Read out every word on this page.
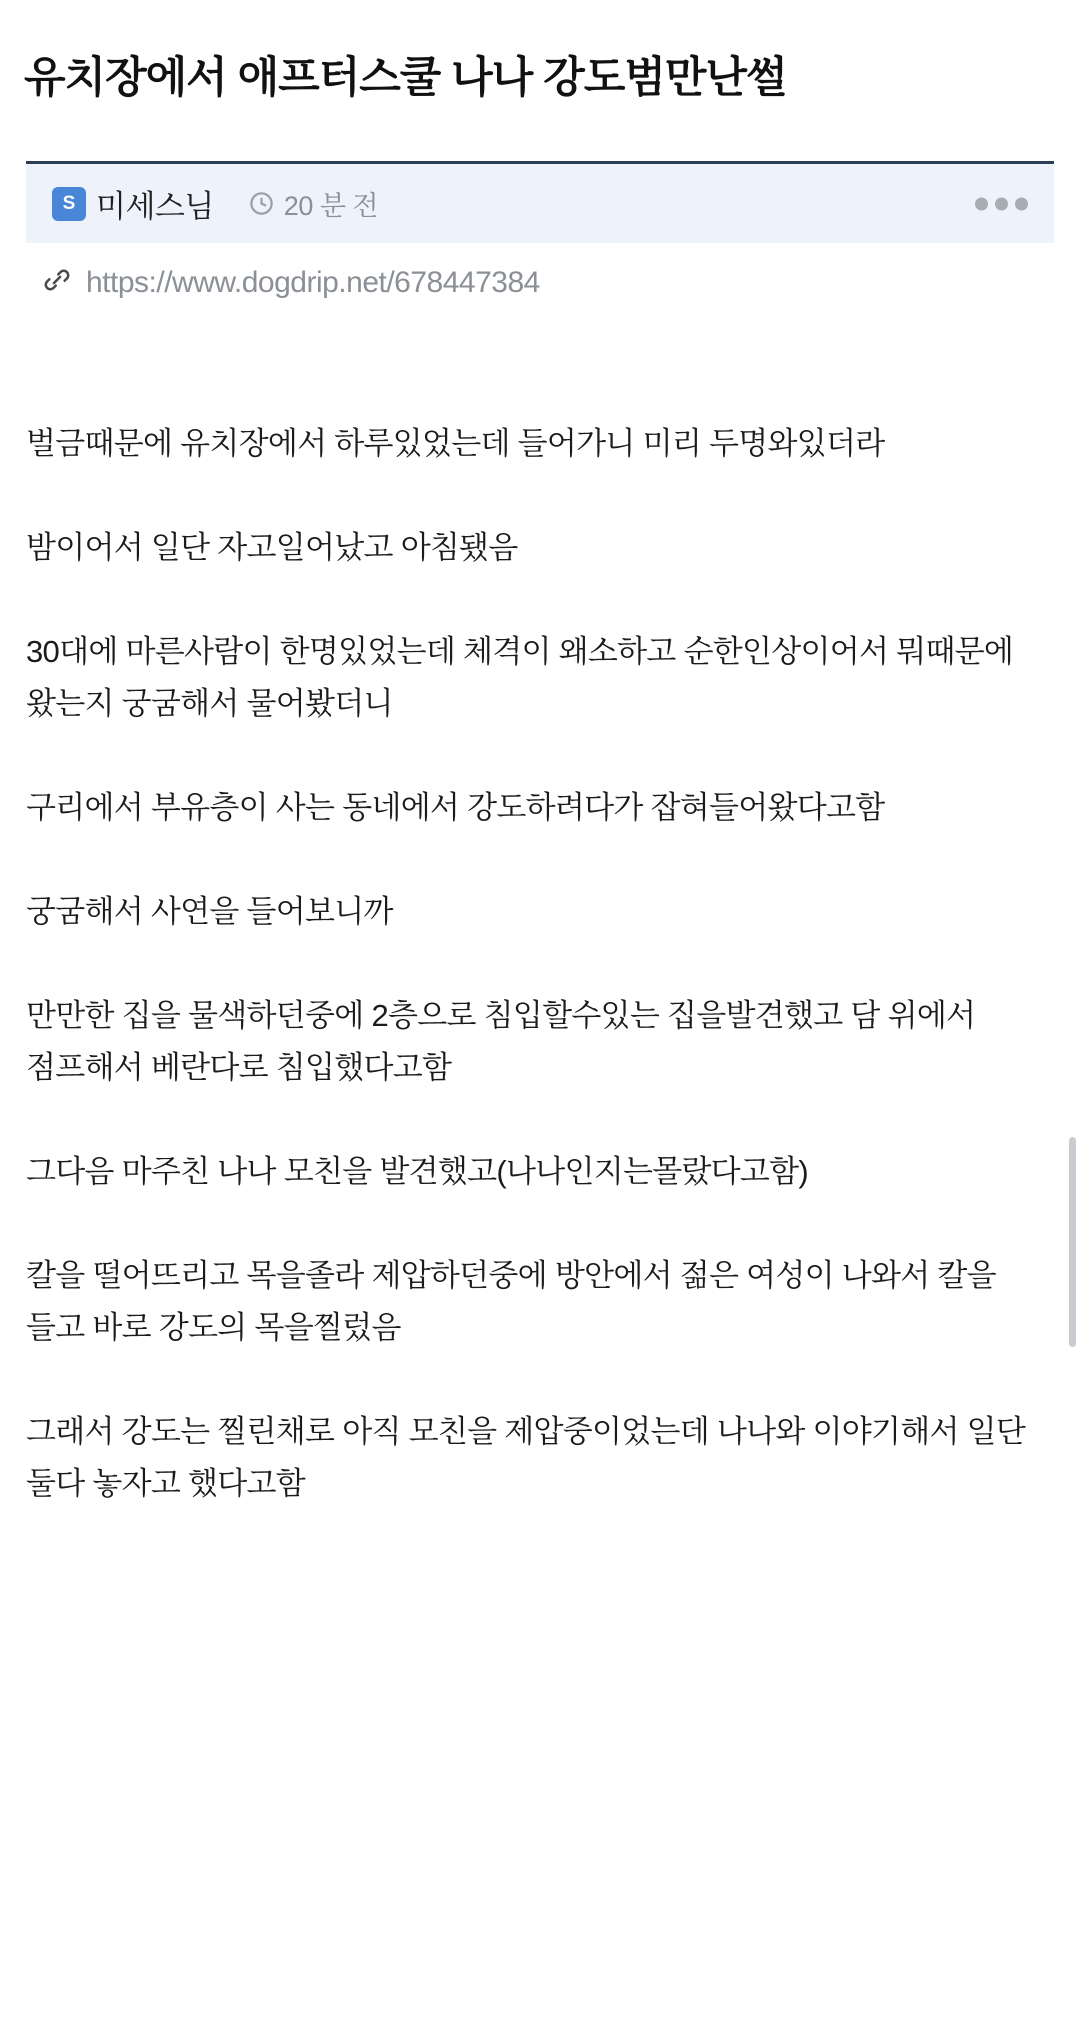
유치장에서 애프터스쿨 나나 강도범만난썰
S 미세스님	20 분 전
https://www.dogdrip.net/678447384

벌금때문에 유치장에서 하루있었는데 들어가니 미리 두명와있더라

밤이어서 일단 자고일어났고 아침됐음

30대에 마른사람이 한명있었는데 체격이 왜소하고 순한인상이어서 뭐때문에 왔는지 궁굼해서 물어봤더니

구리에서 부유층이 사는 동네에서 강도하려다가 잡혀들어왔다고함

궁굼해서 사연을 들어보니까

만만한 집을 물색하던중에 2층으로 침입할수있는 집을발견했고 담 위에서 점프해서 베란다로 침입했다고함

그다음 마주친 나나 모친을 발견했고(나나인지는몰랐다고함)

칼을 떨어뜨리고 목을졸라 제압하던중에 방안에서 젊은 여성이 나와서 칼을 들고 바로 강도의 목을찔렀음

그래서 강도는 찔린채로 아직 모친을 제압중이었는데 나나와 이야기해서 일단 둘다 놓자고 했다고함
